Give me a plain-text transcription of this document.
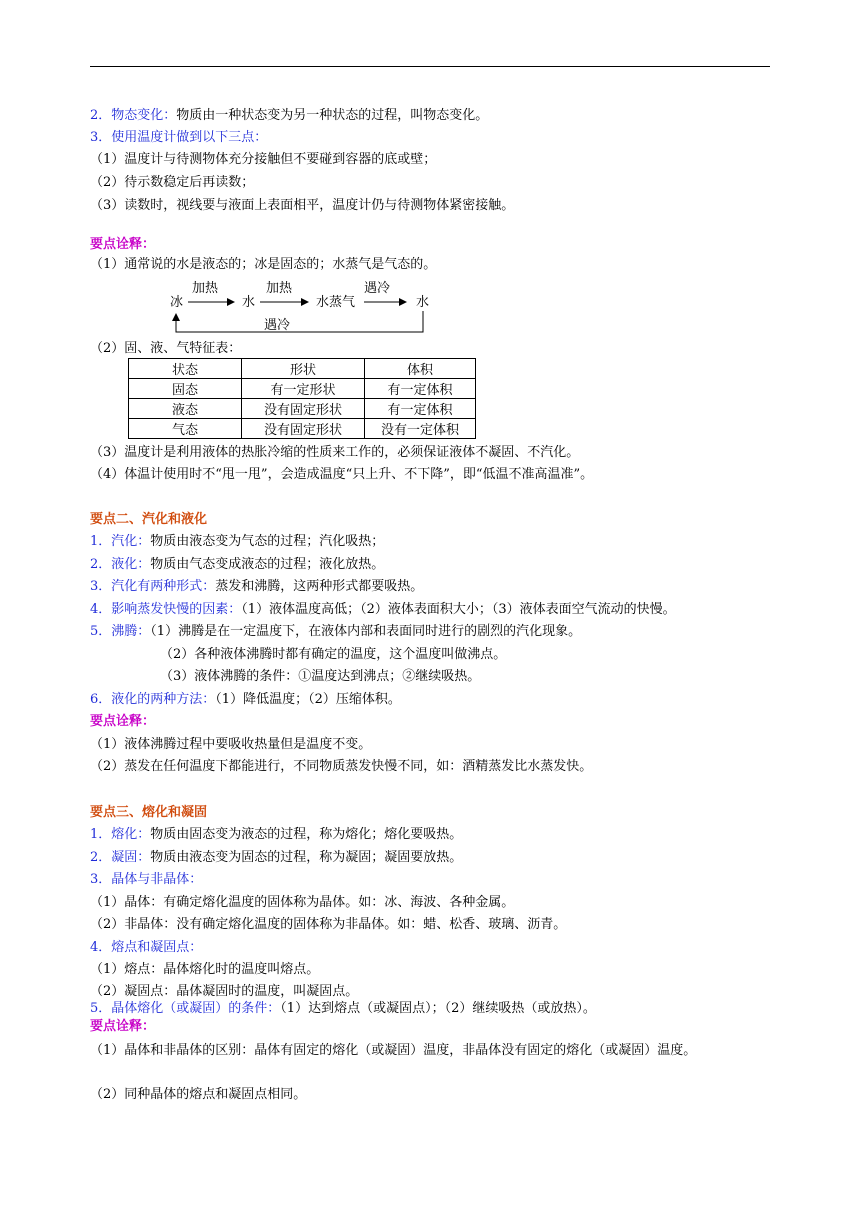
2．物态变化：物质由一种状态变为另一种状态的过程，叫物态变化。
3．使用温度计做到以下三点：
（1）温度计与待测物体充分接触但不要碰到容器的底或壁；
（2）待示数稳定后再读数；
（3）读数时，视线要与液面上表面相平，温度计仍与待测物体紧密接触。
要点诠释：
（1）通常说的水是液态的；冰是固态的；水蒸气是气态的。
冰
加热
水
加热
水蒸气
遇冷
水
遇冷
（2）固、液、气特征表：
状态	形状	体积
固态	有一定形状	有一定体积
液态	没有固定形状	有一定体积
气态	没有固定形状	没有一定体积
（3）温度计是利用液体的热胀冷缩的性质来工作的，必须保证液体不凝固、不汽化。
（4）体温计使用时不“甩一甩”，会造成温度“只上升、不下降”，即“低温不准高温准”。
要点二、汽化和液化
1．汽化：物质由液态变为气态的过程；汽化吸热；
2．液化：物质由气态变成液态的过程；液化放热。
3．汽化有两种形式：蒸发和沸腾，这两种形式都要吸热。
4．影响蒸发快慢的因素：（1）液体温度高低；（2）液体表面积大小；（3）液体表面空气流动的快慢。
5．沸腾：（1）沸腾是在一定温度下，在液体内部和表面同时进行的剧烈的汽化现象。
（2）各种液体沸腾时都有确定的温度，这个温度叫做沸点。
（3）液体沸腾的条件：①温度达到沸点；②继续吸热。
6．液化的两种方法：（1）降低温度；（2）压缩体积。
要点诠释：
（1）液体沸腾过程中要吸收热量但是温度不变。
（2）蒸发在任何温度下都能进行，不同物质蒸发快慢不同，如：酒精蒸发比水蒸发快。
要点三、熔化和凝固
1．熔化：物质由固态变为液态的过程，称为熔化；熔化要吸热。
2．凝固：物质由液态变为固态的过程，称为凝固；凝固要放热。
3．晶体与非晶体：
（1）晶体：有确定熔化温度的固体称为晶体。如：冰、海波、各种金属。
（2）非晶体：没有确定熔化温度的固体称为非晶体。如：蜡、松香、玻璃、沥青。
4．熔点和凝固点：
（1）熔点：晶体熔化时的温度叫熔点。
（2）凝固点：晶体凝固时的温度，叫凝固点。
5．晶体熔化（或凝固）的条件：（1）达到熔点（或凝固点）；（2）继续吸热（或放热）。
要点诠释：
（1）晶体和非晶体的区别：晶体有固定的熔化（或凝固）温度，非晶体没有固定的熔化（或凝固）温度。
（2）同种晶体的熔点和凝固点相同。
